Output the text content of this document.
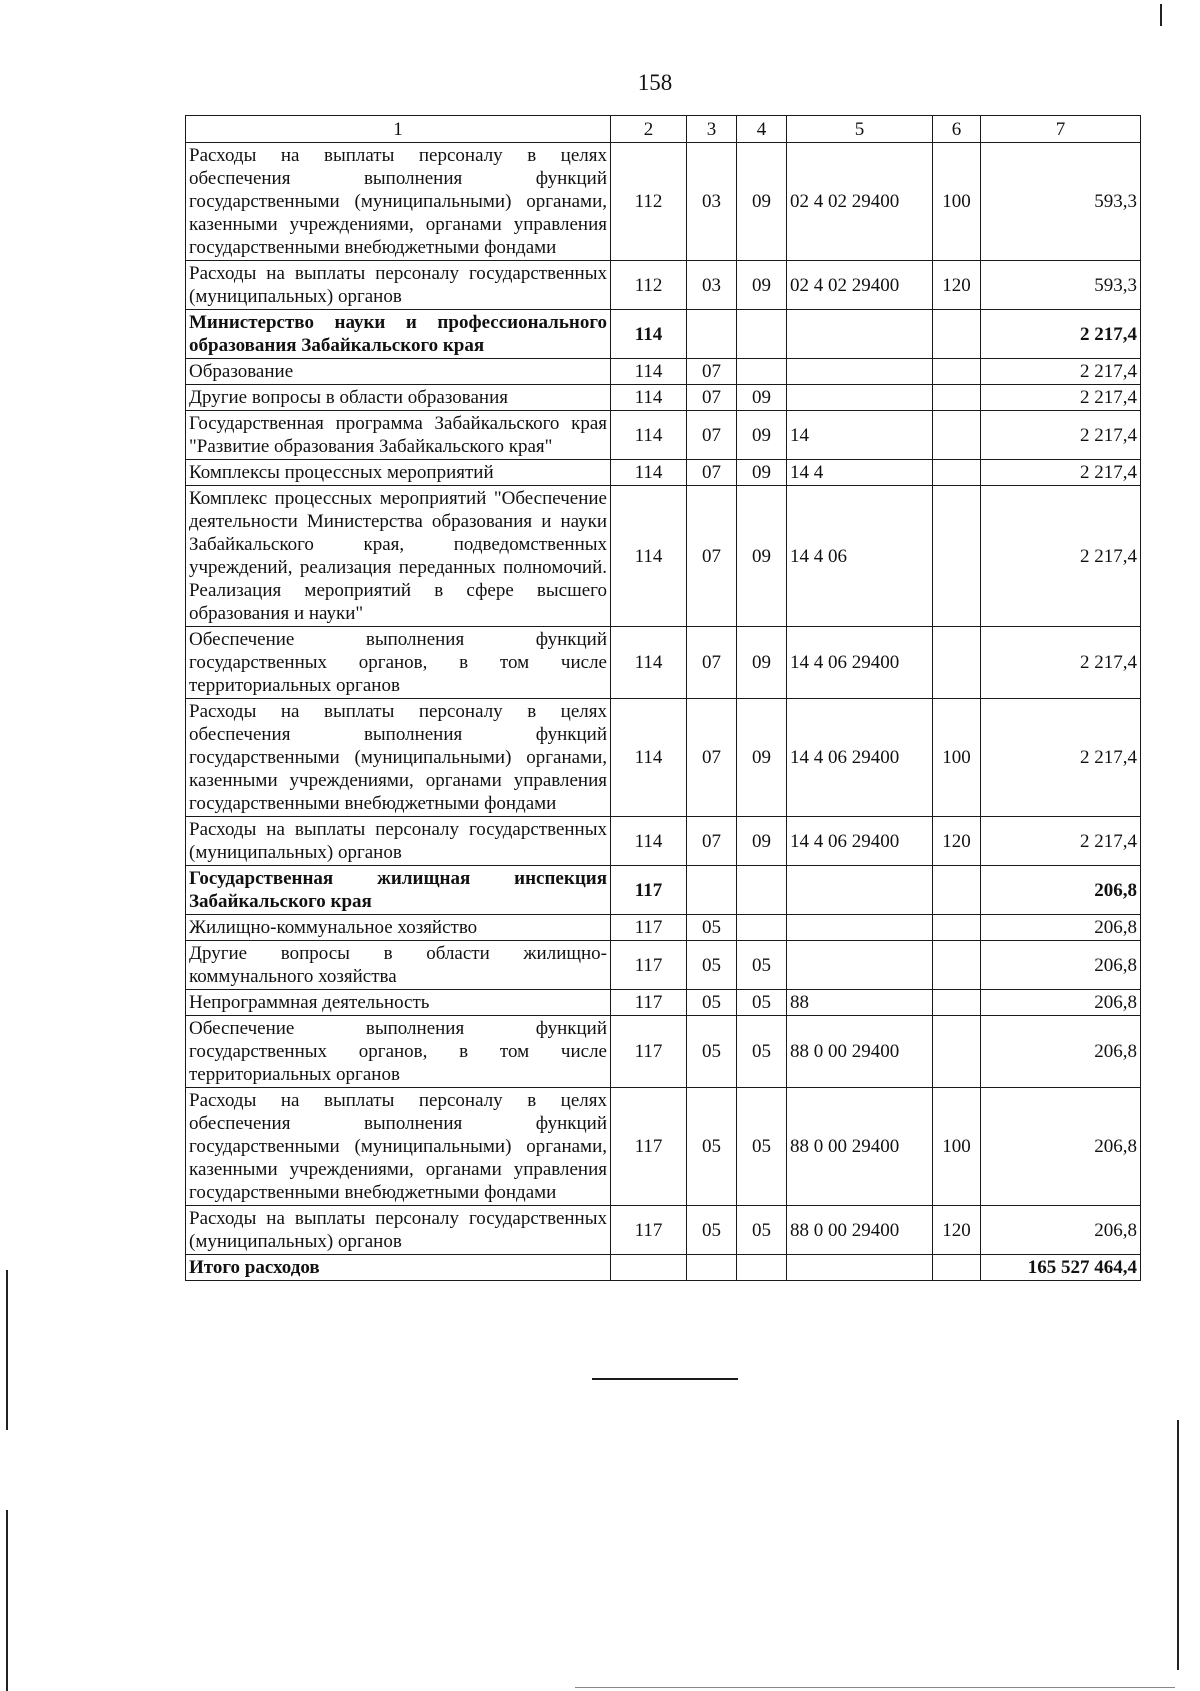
158
1	2	3	4	5	6	7
Расходы на выплаты персоналу в целях обеспечения выполнения функций государственными (муниципальными) органами, казенными учреждениями, органами управления государственными внебюджетными фондами	112	03	09	02 4 02 29400	100	593,3
Расходы на выплаты персоналу государственных (муниципальных) органов	112	03	09	02 4 02 29400	120	593,3
Министерство науки и профессионального образования Забайкальского края	114					2 217,4
Образование	114	07				2 217,4
Другие вопросы в области образования	114	07	09			2 217,4
Государственная программа Забайкальского края "Развитие образования Забайкальского края"	114	07	09	14		2 217,4
Комплексы процессных мероприятий	114	07	09	14 4		2 217,4
Комплекс процессных мероприятий "Обеспечение деятельности Министерства образования и науки Забайкальского края, подведомственных учреждений, реализация переданных полномочий. Реализация мероприятий в сфере высшего образования и науки"	114	07	09	14 4 06		2 217,4
Обеспечение выполнения функций государственных органов, в том числе территориальных органов	114	07	09	14 4 06 29400		2 217,4
Расходы на выплаты персоналу в целях обеспечения выполнения функций государственными (муниципальными) органами, казенными учреждениями, органами управления государственными внебюджетными фондами	114	07	09	14 4 06 29400	100	2 217,4
Расходы на выплаты персоналу государственных (муниципальных) органов	114	07	09	14 4 06 29400	120	2 217,4
Государственная жилищная инспекция Забайкальского края	117					206,8
Жилищно-коммунальное хозяйство	117	05				206,8
Другие вопросы в области жилищно-коммунального хозяйства	117	05	05			206,8
Непрограммная деятельность	117	05	05	88		206,8
Обеспечение выполнения функций государственных органов, в том числе территориальных органов	117	05	05	88 0 00 29400		206,8
Расходы на выплаты персоналу в целях обеспечения выполнения функций государственными (муниципальными) органами, казенными учреждениями, органами управления государственными внебюджетными фондами	117	05	05	88 0 00 29400	100	206,8
Расходы на выплаты персоналу государственных (муниципальных) органов	117	05	05	88 0 00 29400	120	206,8
Итого расходов						165 527 464,4
